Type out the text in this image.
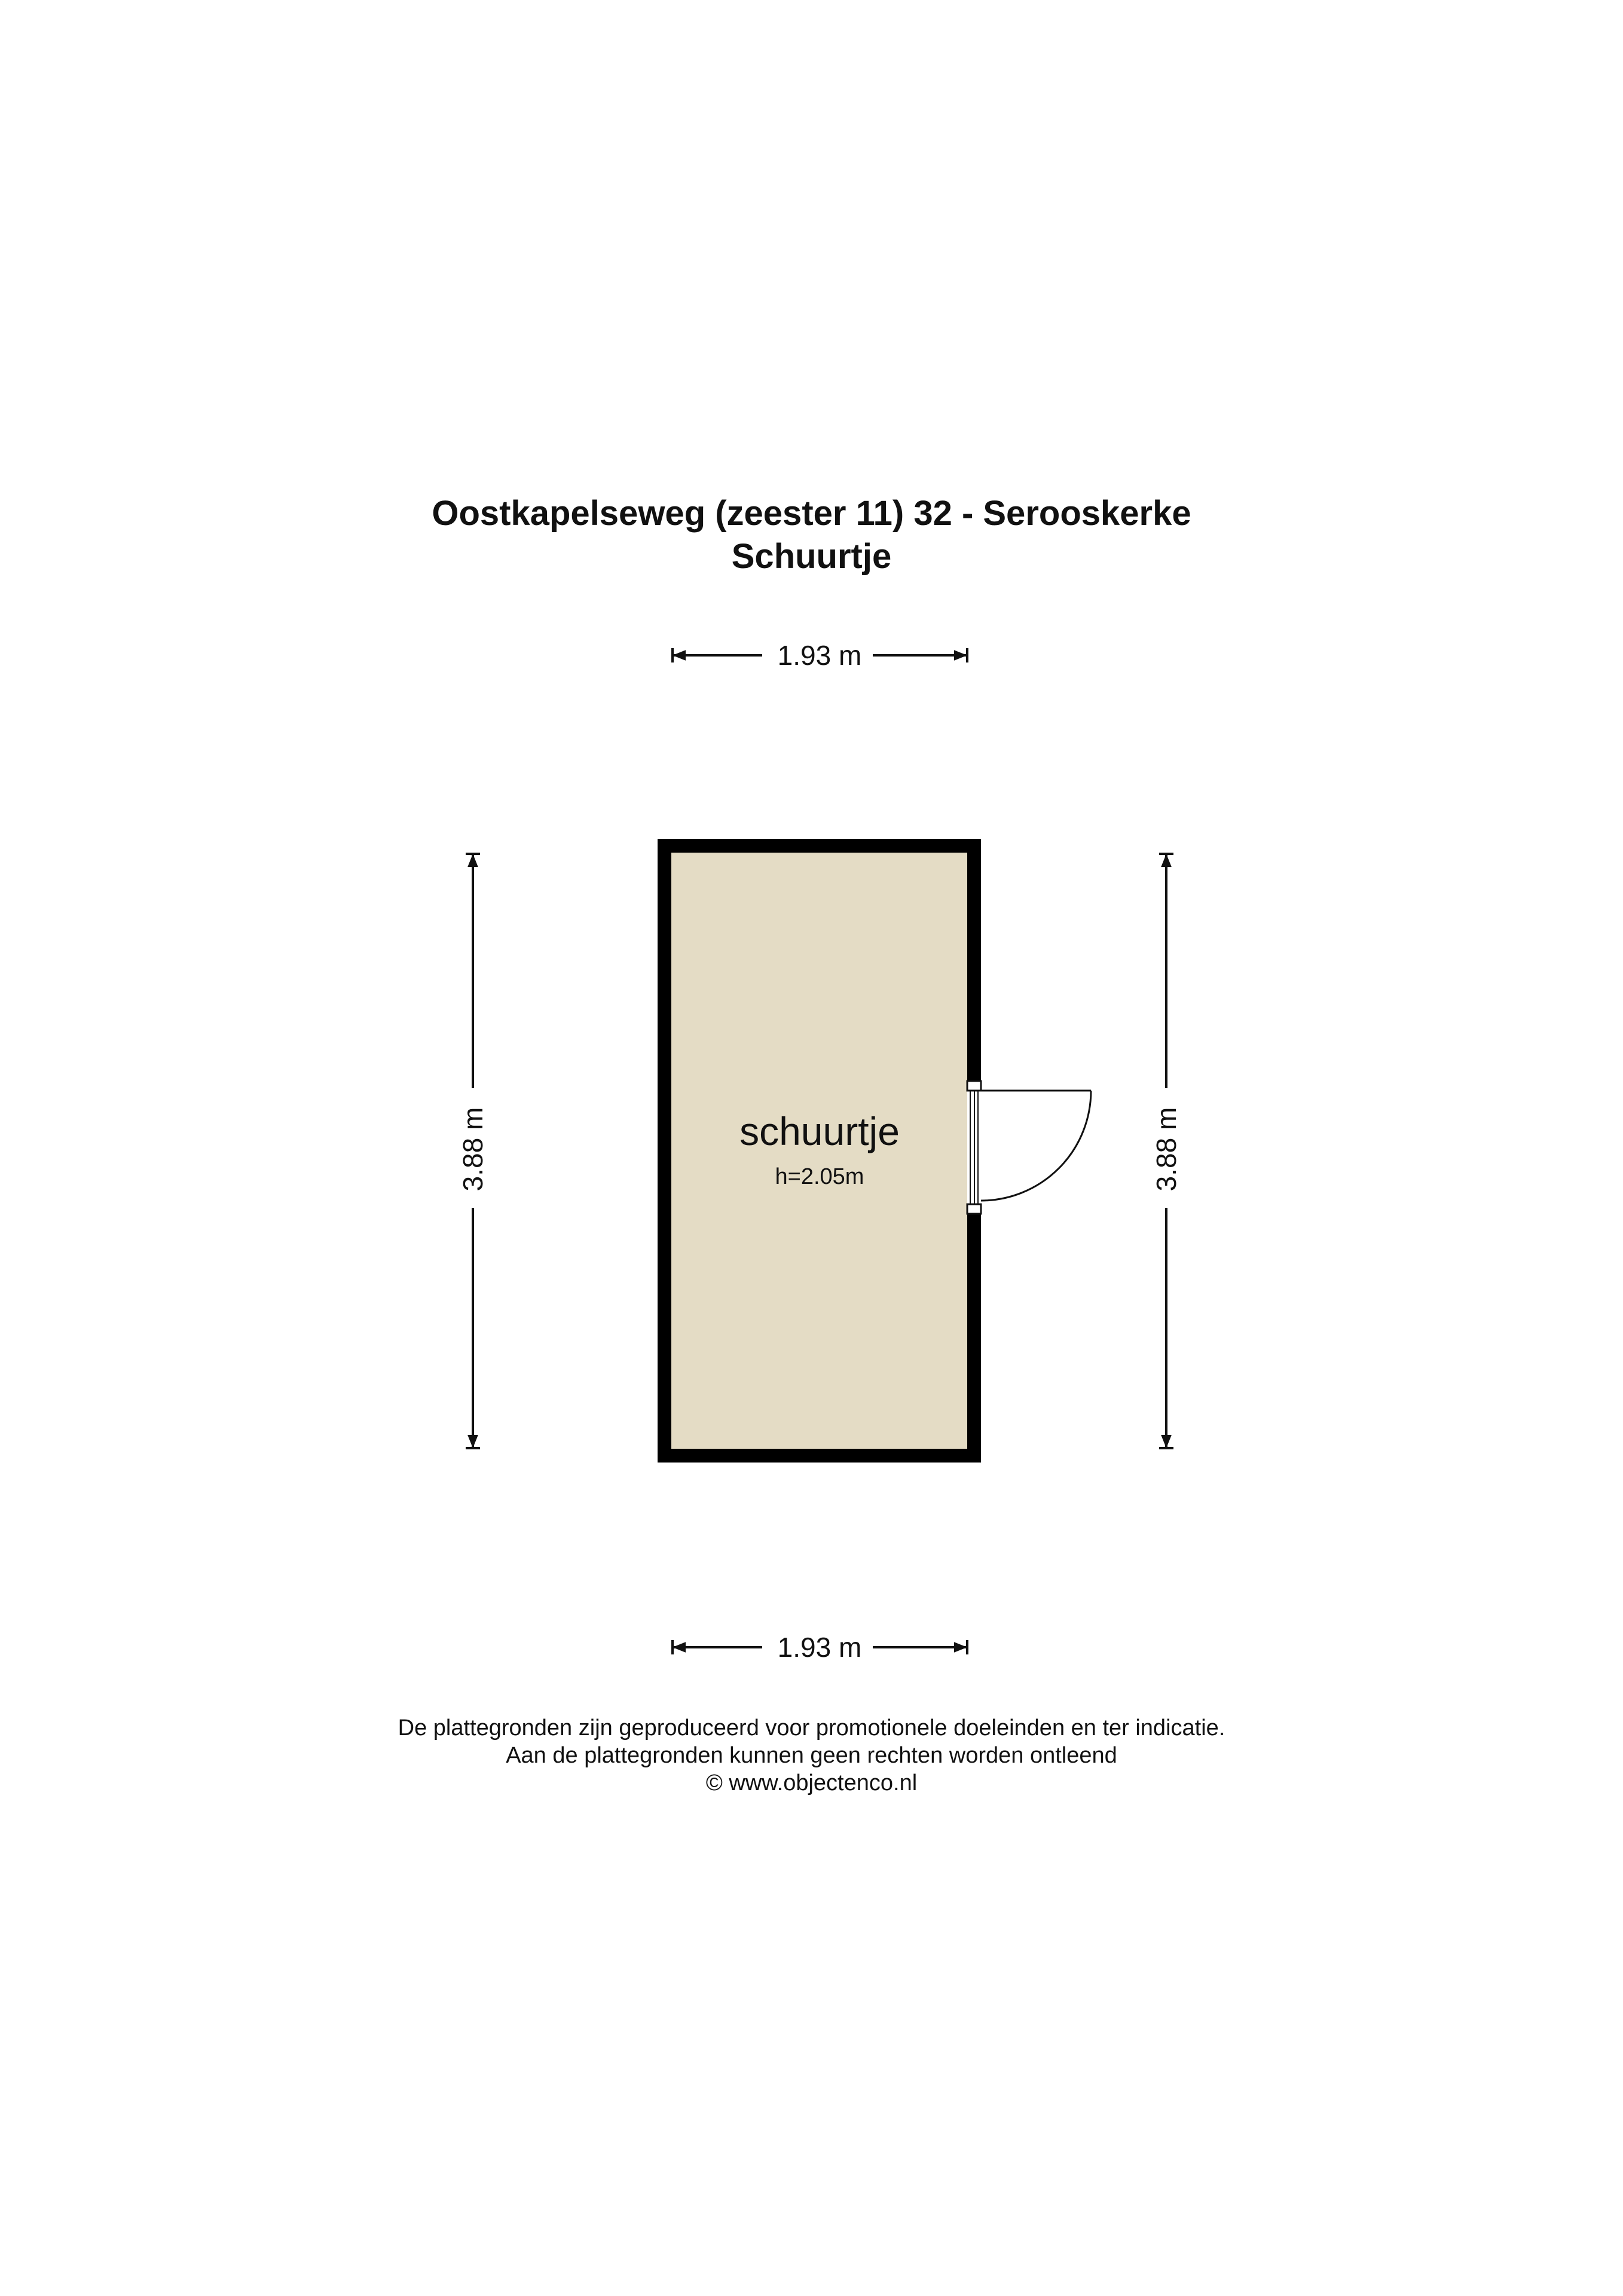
Oostkapelseweg (zeester 11) 32 - Serooskerke
Schuurtje
1.93 m
3.88 m	3.88 m
schuurtje
h=2.05m
1.93 m
De plattegronden zijn geproduceerd voor promotionele doeleinden en ter indicatie.
Aan de plattegronden kunnen geen rechten worden ontleend
© www.objectenco.nl
